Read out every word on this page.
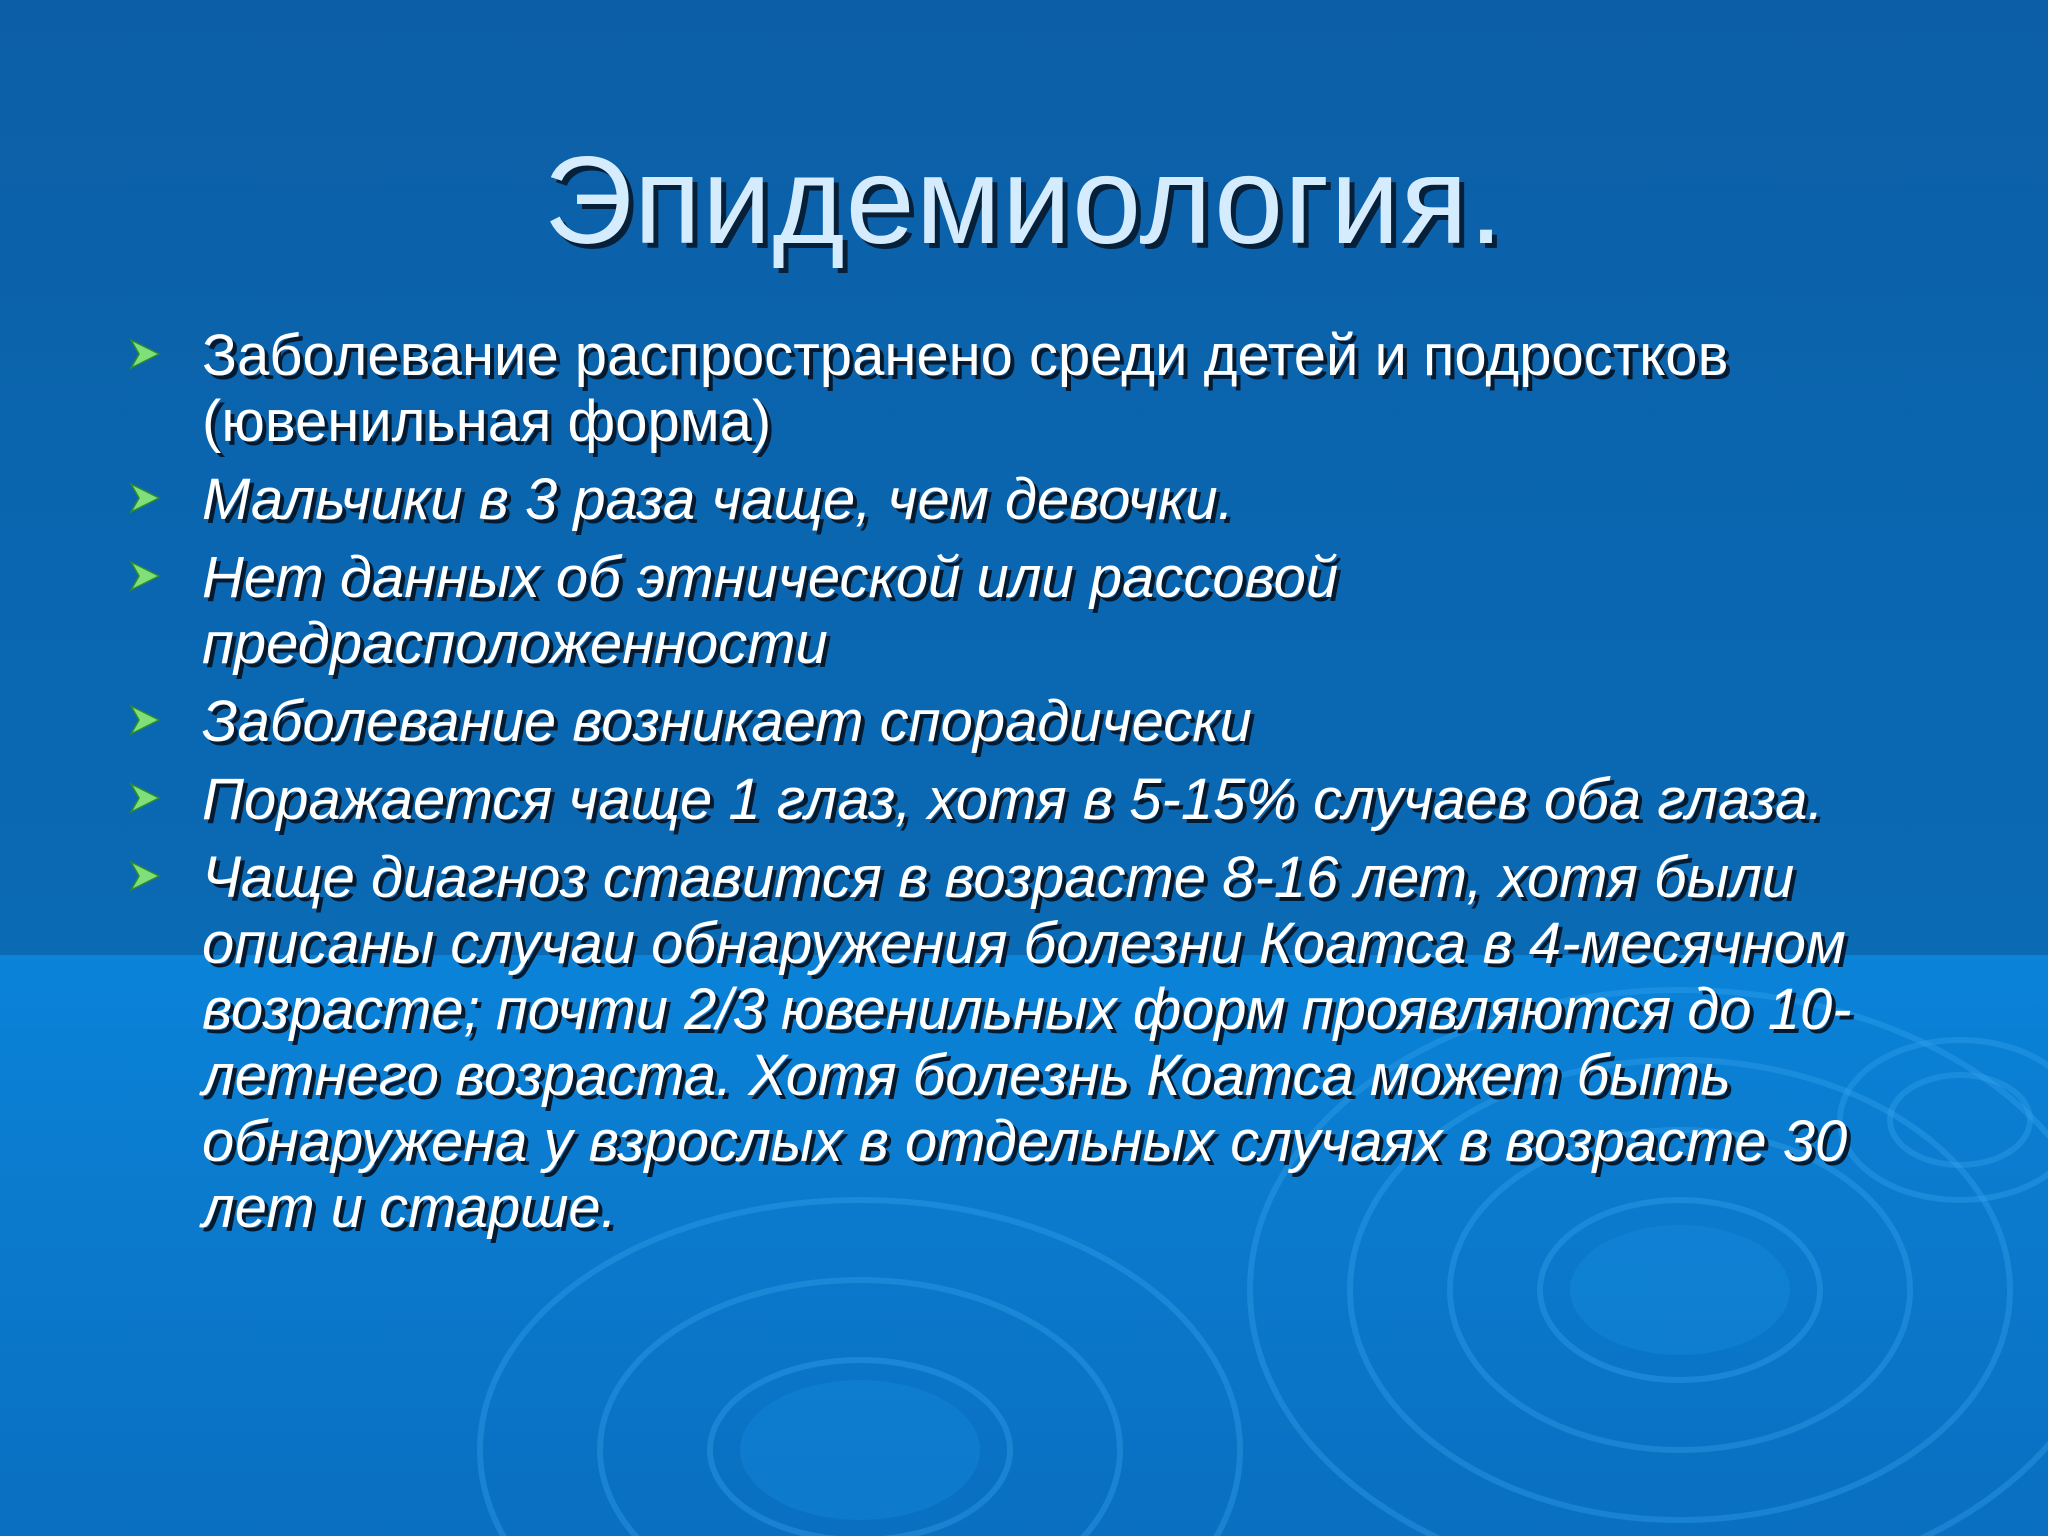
Эпидемиология.
Заболевание распространено среди детей и подростков (ювенильная форма)
Мальчики в 3 раза чаще, чем девочки.
Нет данных об этнической или рассовой предрасположенности
Заболевание возникает спорадически
Поражается чаще 1 глаз, хотя в 5-15% случаев оба глаза.
Чаще диагноз ставится в возрасте 8-16 лет, хотя были описаны случаи обнаружения болезни Коатса в 4-месячном возрасте; почти 2/3 ювенильных форм проявляются до 10-летнего возраста. Хотя болезнь Коатса может быть обнаружена у взрослых в отдельных случаях в возрасте 30 лет и старше.
